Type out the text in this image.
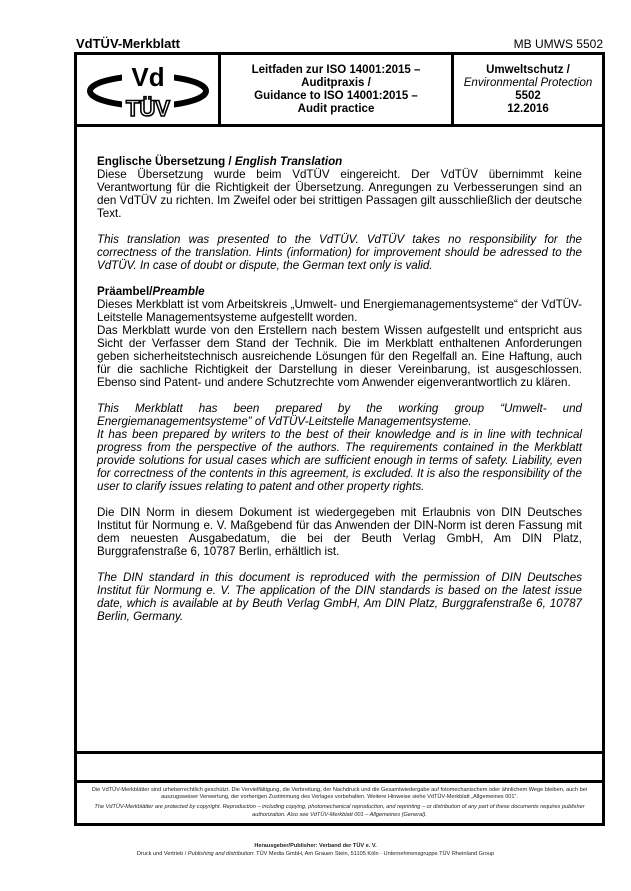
VdTÜV-Merkblatt	MB UMWS 5502
Vd
TÜV
Leitfaden zur ISO 14001:2015 –
Auditpraxis /
Guidance to ISO 14001:2015 –
Audit practice
Umweltschutz /
Environmental Protection
5502
12.2016

Englische Übersetzung / English Translation
Diese Übersetzung wurde beim VdTÜV eingereicht. Der VdTÜV übernimmt keine Verantwortung für die Richtigkeit der Übersetzung. Anregungen zu Verbesserungen sind an den VdTÜV zu richten. Im Zweifel oder bei strittigen Passagen gilt ausschließlich der deutsche Text.

This translation was presented to the VdTÜV. VdTÜV takes no responsibility for the correctness of the translation. Hints (information) for improvement should be adressed to the VdTÜV. In case of doubt or dispute, the German text only is valid.

Präambel/Preamble
Dieses Merkblatt ist vom Arbeitskreis „Umwelt- und Energiemanagementsysteme“ der VdTÜV-Leitstelle Managementsysteme aufgestellt worden.
Das Merkblatt wurde von den Erstellern nach bestem Wissen aufgestellt und entspricht aus Sicht der Verfasser dem Stand der Technik. Die im Merkblatt enthaltenen Anforderungen geben sicherheitstechnisch ausreichende Lösungen für den Regelfall an. Eine Haftung, auch für die sachliche Richtigkeit der Darstellung in dieser Vereinbarung, ist ausgeschlossen. Ebenso sind Patent- und andere Schutzrechte vom Anwender eigenverantwortlich zu klären.

This Merkblatt has been prepared by the working group “Umwelt- und Energiemanagementsysteme” of VdTÜV-Leitstelle Managementsysteme.
It has been prepared by writers to the best of their knowledge and is in line with technical progress from the perspective of the authors. The requirements contained in the Merkblatt provide solutions for usual cases which are sufficient enough in terms of safety. Liability, even for correctness of the contents in this agreement, is excluded. It is also the responsibility of the user to clarify issues relating to patent and other property rights.

Die DIN Norm in diesem Dokument ist wiedergegeben mit Erlaubnis von DIN Deutsches Institut für Normung e. V. Maßgebend für das Anwenden der DIN-Norm ist deren Fassung mit dem neuesten Ausgabedatum, die bei der Beuth Verlag GmbH, Am DIN Platz, Burggrafenstraße 6, 10787 Berlin, erhältlich ist.

The DIN standard in this document is reproduced with the permission of DIN Deutsches Institut für Normung e. V. The application of the DIN standards is based on the latest issue date, which is available at by Beuth Verlag GmbH, Am DIN Platz, Burggrafenstraße 6, 10787 Berlin, Germany.

Die VdTÜV-Merkblätter sind urheberrechtlich geschützt. Die Vervielfältigung, die Verbreitung, der Nachdruck und die Gesamtwiedergabe auf fotomechanischem oder ähnlichem Wege bleiben, auch bei auszugsweiser Verwertung, der vorherigen Zustimmung des Verlages vorbehalten. Weitere Hinweise siehe VdTÜV-Merkblatt „Allgemeines 001“.
The VdTÜV-Merkblätter are protected by copyright. Reproduction – including copying, photomechanical reproduction, and reprinting – or distribution of any part of these documents requires publisher authorization. Also see VdTÜV-Merkblatt 001 – Allgemeines (General).
Herausgeber/Publisher: Verband der TÜV e. V.
Druck und Vertrieb / Publishing and distribution: TÜV Media GmbH, Am Grauen Stein, 51105 Köln · Unternehmensgruppe TÜV Rheinland Group
